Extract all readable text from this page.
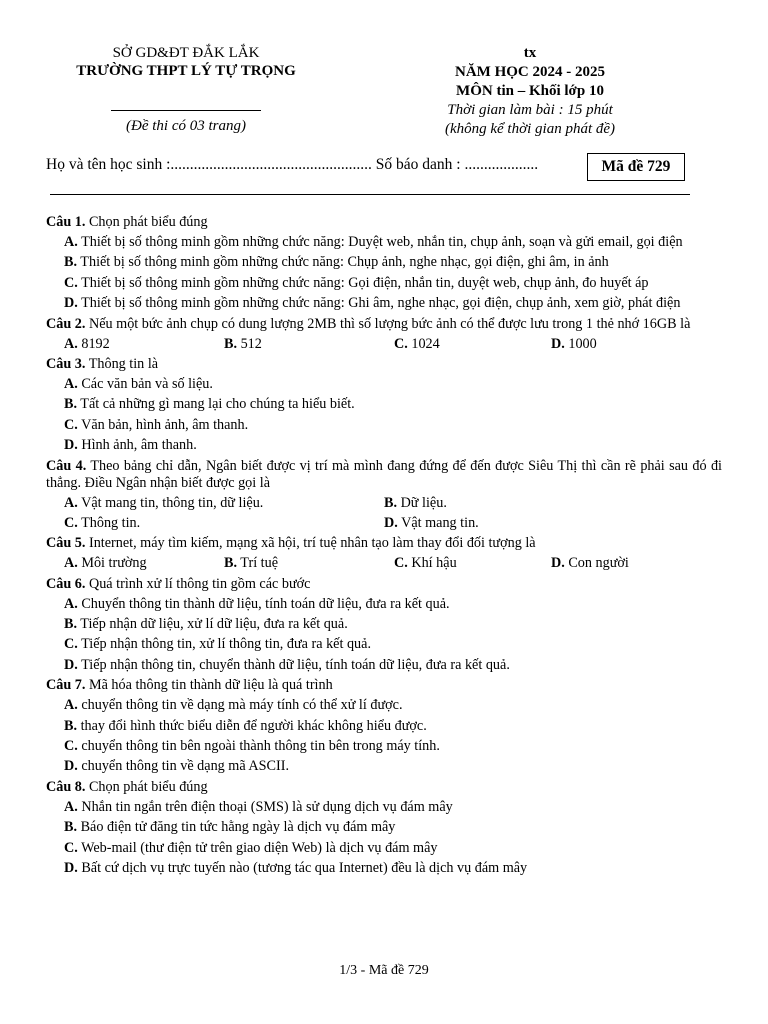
SỞ GD&ĐT ĐẮK LẮK
TRƯỜNG THPT LÝ TỰ TRỌNG
(Đề thi có 03 trang)
tx
NĂM HỌC 2024 - 2025
MÔN tin – Khối lớp 10
Thời gian làm bài : 15 phút
(không kể thời gian phát đề)
Họ và tên học sinh :.................................................... Số báo danh : ...................	Mã đề 729
Câu 1. Chọn phát biểu đúng
A. Thiết bị số thông minh gồm những chức năng: Duyệt web, nhắn tin, chụp ảnh, soạn và gửi email, gọi điện
B. Thiết bị số thông minh gồm những chức năng: Chụp ảnh, nghe nhạc, gọi điện, ghi âm, in ảnh
C. Thiết bị số thông minh gồm những chức năng: Gọi điện, nhắn tin, duyệt web, chụp ảnh, đo huyết áp
D. Thiết bị số thông minh gồm những chức năng: Ghi âm, nghe nhạc, gọi điện, chụp ảnh, xem giờ, phát điện
Câu 2. Nếu một bức ảnh chụp có dung lượng 2MB thì số lượng bức ảnh có thể được lưu trong 1 thẻ nhớ 16GB là
A. 8192	B. 512	C. 1024	D. 1000
Câu 3. Thông tin là
A. Các văn bản và số liệu.
B. Tất cả những gì mang lại cho chúng ta hiểu biết.
C. Văn bản, hình ảnh, âm thanh.
D. Hình ảnh, âm thanh.
Câu 4. Theo bảng chỉ dẫn, Ngân biết được vị trí mà mình đang đứng để đến được Siêu Thị thì cần rẽ phải sau đó đi thẳng. Điều Ngân nhận biết được gọi là
A. Vật mang tin, thông tin, dữ liệu.	B. Dữ liệu.
C. Thông tin.	D. Vật mang tin.
Câu 5. Internet, máy tìm kiếm, mạng xã hội, trí tuệ nhân tạo làm thay đổi đối tượng là
A. Môi trường	B. Trí tuệ	C. Khí hậu	D. Con người
Câu 6. Quá trình xử lí thông tin gồm các bước
A. Chuyển thông tin thành dữ liệu, tính toán dữ liệu, đưa ra kết quả.
B. Tiếp nhận dữ liệu, xử lí dữ liệu, đưa ra kết quả.
C. Tiếp nhận thông tin, xử lí thông tin, đưa ra kết quả.
D. Tiếp nhận thông tin, chuyển thành dữ liệu, tính toán dữ liệu, đưa ra kết quả.
Câu 7. Mã hóa thông tin thành dữ liệu là quá trình
A. chuyển thông tin về dạng mà máy tính có thể xử lí được.
B. thay đổi hình thức biểu diễn để người khác không hiểu được.
C. chuyển thông tin bên ngoài thành thông tin bên trong máy tính.
D. chuyển thông tin về dạng mã ASCII.
Câu 8. Chọn phát biểu đúng
A. Nhắn tin ngắn trên điện thoại (SMS) là sử dụng dịch vụ đám mây
B. Báo điện tử đăng tin tức hằng ngày là dịch vụ đám mây
C. Web-mail (thư điện tử trên giao diện Web) là dịch vụ đám mây
D. Bất cứ dịch vụ trực tuyến nào (tương tác qua Internet) đều là dịch vụ đám mây
1/3 - Mã đề 729
